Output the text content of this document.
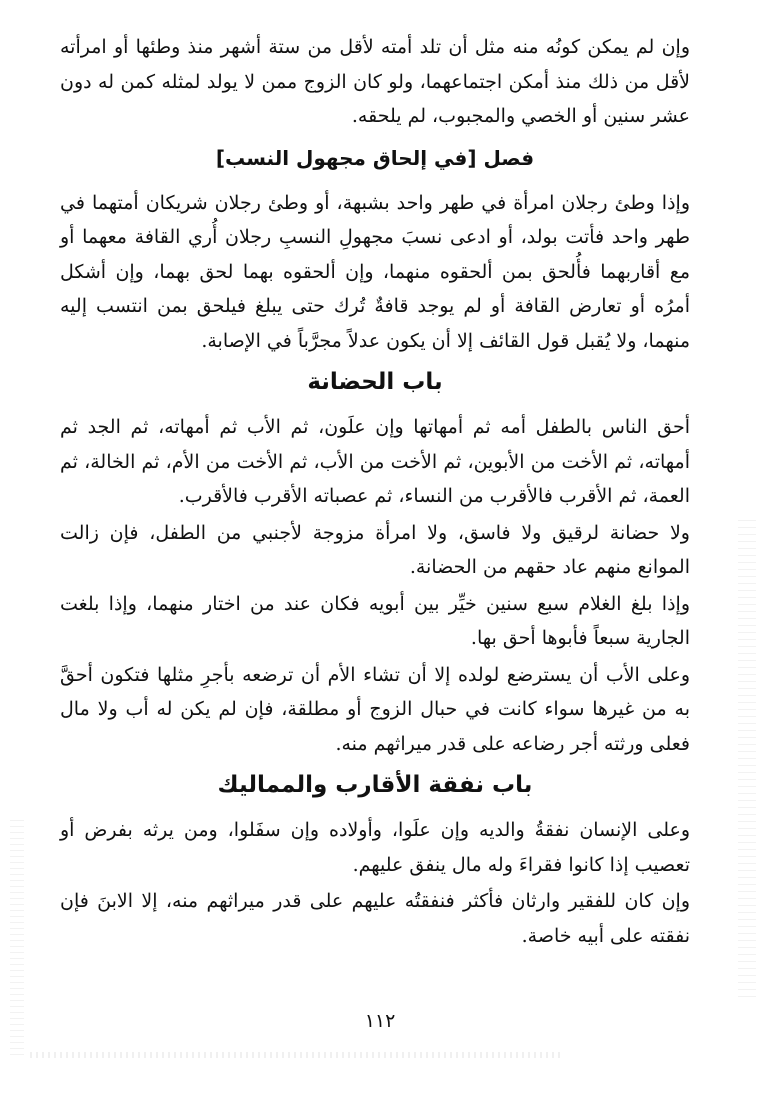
وإن لم يمكن كونُه منه مثل أن تلد أمته لأقل من ستة أشهر منذ وطئها أو امرأته لأقل من ذلك منذ أمكن اجتماعهما، ولو كان الزوج ممن لا يولد لمثله كمن له دون عشر سنين أو الخصي والمجبوب، لم يلحقه.

فصل [في إلحاق مجهول النسب]

وإذا وطئ رجلان امرأة في طهر واحد بشبهة، أو وطئ رجلان شريكان أمتهما في طهر واحد فأتت بولد، أو ادعى نسبَ مجهولِ النسبِ رجلان أُري القافة معهما أو مع أقاربهما فأُلحق بمن ألحقوه منهما، وإن ألحقوه بهما لحق بهما، وإن أشكل أمرُه أو تعارض القافة أو لم يوجد قافةٌ تُرك حتى يبلغ فيلحق بمن انتسب إليه منهما، ولا يُقبل قول القائف إلا أن يكون عدلاً مجرَّباً في الإصابة.

باب الحضانة

أحق الناس بالطفل أمه ثم أمهاتها وإن علَون، ثم الأب ثم أمهاته، ثم الجد ثم أمهاته، ثم الأخت من الأبوين، ثم الأخت من الأب، ثم الأخت من الأم، ثم الخالة، ثم العمة، ثم الأقرب فالأقرب من النساء، ثم عصباته الأقرب فالأقرب.

ولا حضانة لرقيق ولا فاسق، ولا امرأة مزوجة لأجنبي من الطفل، فإن زالت الموانع منهم عاد حقهم من الحضانة.

وإذا بلغ الغلام سبع سنين خيِّر بين أبويه فكان عند من اختار منهما، وإذا بلغت الجارية سبعاً فأبوها أحق بها.

وعلى الأب أن يسترضع لولده إلا أن تشاء الأم أن ترضعه بأجرِ مثلها فتكون أحقَّ به من غيرها سواء كانت في حبال الزوج أو مطلقة، فإن لم يكن له أب ولا مال فعلى ورثته أجر رضاعه على قدر ميراثهم منه.

باب نفقة الأقارب والمماليك

وعلى الإنسان نفقةُ والديه وإن علَوا، وأولاده وإن سفَلوا، ومن يرثه بفرض أو تعصيب إذا كانوا فقراءَ وله مال ينفق عليهم.

وإن كان للفقير وارثان فأكثر فنفقتُه عليهم على قدر ميراثهم منه، إلا الابنَ فإن نفقته على أبيه خاصة.

١١٢
